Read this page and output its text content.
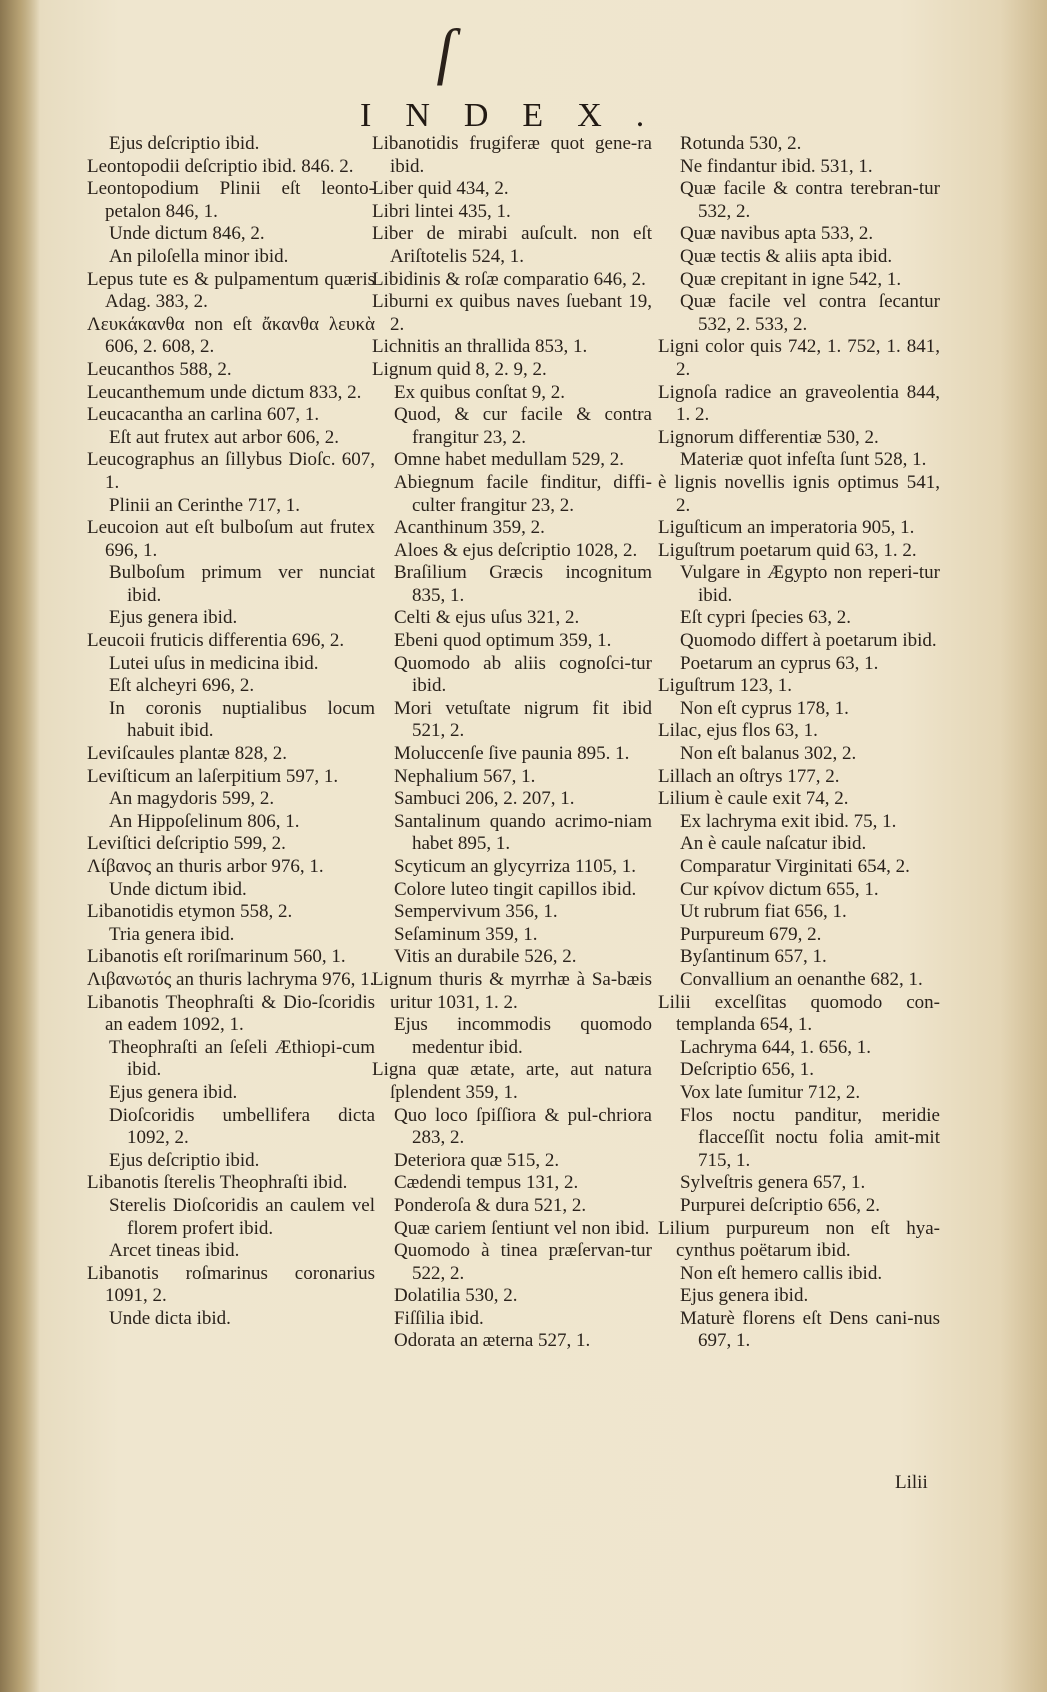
ſ
INDEX.
Ejus deſcriptio ibid.
Leontopodii deſcriptio ibid. 846. 2.
Leontopodium Plinii eſt leonto-petalon 846, 1.
Unde dictum 846, 2.
An piloſella minor ibid.
Lepus tute es & pulpamentum quæris Adag. 383, 2.
Λευκάκανθα non eſt ἄκανθα λευκὰ 606, 2. 608, 2.
Leucanthos 588, 2.
Leucanthemum unde dictum 833, 2.
Leucacantha an carlina 607, 1.
Eſt aut frutex aut arbor 606, 2.
Leucographus an ſillybus Dioſc. 607, 1.
Plinii an Cerinthe 717, 1.
Leucoion aut eſt bulboſum aut frutex 696, 1.
Bulboſum primum ver nunciat ibid.
Ejus genera ibid.
Leucoii fruticis differentia 696, 2.
Lutei uſus in medicina ibid.
Eſt alcheyri 696, 2.
In coronis nuptialibus locum habuit ibid.
Leviſcaules plantæ 828, 2.
Leviſticum an laſerpitium 597, 1.
An magydoris 599, 2.
An Hippoſelinum 806, 1.
Leviſtici deſcriptio 599, 2.
Λίβανος an thuris arbor 976, 1.
Unde dictum ibid.
Libanotidis etymon 558, 2.
Tria genera ibid.
Libanotis eſt roriſmarinum 560, 1.
Λιβανωτός an thuris lachryma 976, 1.
Libanotis Theophraſti & Dio-ſcoridis an eadem 1092, 1.
Theophraſti an ſeſeli Æthiopi-cum ibid.
Ejus genera ibid.
Dioſcoridis umbellifera dicta 1092, 2.
Ejus deſcriptio ibid.
Libanotis ſterelis Theophraſti ibid.
Sterelis Dioſcoridis an caulem vel florem profert ibid.
Arcet tineas ibid.
Libanotis roſmarinus coronarius 1091, 2.
Unde dicta ibid.
Libanotidis frugiferæ quot gene-ra ibid.
Liber quid 434, 2.
Libri lintei 435, 1.
Liber de mirabi auſcult. non eſt Ariſtotelis 524, 1.
Libidinis & roſæ comparatio 646, 2.
Liburni ex quibus naves ſuebant 19, 2.
Lichnitis an thrallida 853, 1.
Lignum quid 8, 2. 9, 2.
Ex quibus conſtat 9, 2.
Quod, & cur facile & contra frangitur 23, 2.
Omne habet medullam 529, 2.
Abiegnum facile finditur, diffi-culter frangitur 23, 2.
Acanthinum 359, 2.
Aloes & ejus deſcriptio 1028, 2.
Braſilium Græcis incognitum 835, 1.
Celti & ejus uſus 321, 2.
Ebeni quod optimum 359, 1.
Quomodo ab aliis cognoſci-tur ibid.
Mori vetuſtate nigrum fit ibid 521, 2.
Moluccenſe ſive paunia 895. 1.
Nephalium 567, 1.
Sambuci 206, 2. 207, 1.
Santalinum quando acrimo-niam habet 895, 1.
Scyticum an glycyrriza 1105, 1.
Colore luteo tingit capillos ibid.
Sempervivum 356, 1.
Seſaminum 359, 1.
Vitis an durabile 526, 2.
Lignum thuris & myrrhæ à Sa-bæis uritur 1031, 1. 2.
Ejus incommodis quomodo medentur ibid.
Ligna quæ ætate, arte, aut natura ſplendent 359, 1.
Quo loco ſpiſſiora & pul-chriora 283, 2.
Deteriora quæ 515, 2.
Cædendi tempus 131, 2.
Ponderoſa & dura 521, 2.
Quæ cariem ſentiunt vel non ibid.
Quomodo à tinea præſervan-tur 522, 2.
Dolatilia 530, 2.
Fiſſilia ibid.
Odorata an æterna 527, 1.
Rotunda 530, 2.
Ne findantur ibid. 531, 1.
Quæ facile & contra terebran-tur 532, 2.
Quæ navibus apta 533, 2.
Quæ tectis & aliis apta ibid.
Quæ crepitant in igne 542, 1.
Quæ facile vel contra ſecantur 532, 2. 533, 2.
Ligni color quis 742, 1. 752, 1. 841, 2.
Lignoſa radice an graveolentia 844, 1. 2.
Lignorum differentiæ 530, 2.
Materiæ quot infeſta ſunt 528, 1.
è lignis novellis ignis optimus 541, 2.
Liguſticum an imperatoria 905, 1.
Liguſtrum poetarum quid 63, 1. 2.
Vulgare in Ægypto non reperi-tur ibid.
Eſt cypri ſpecies 63, 2.
Quomodo differt à poetarum ibid.
Poetarum an cyprus 63, 1.
Liguſtrum 123, 1.
Non eſt cyprus 178, 1.
Lilac, ejus flos 63, 1.
Non eſt balanus 302, 2.
Lillach an oſtrys 177, 2.
Lilium è caule exit 74, 2.
Ex lachryma exit ibid. 75, 1.
An è caule naſcatur ibid.
Comparatur Virginitati 654, 2.
Cur κρίνον dictum 655, 1.
Ut rubrum fiat 656, 1.
Purpureum 679, 2.
Byſantinum 657, 1.
Convallium an oenanthe 682, 1.
Lilii excelſitas quomodo con-templanda 654, 1.
Lachryma 644, 1. 656, 1.
Deſcriptio 656, 1.
Vox late ſumitur 712, 2.
Flos noctu panditur, meridie flacceſſit noctu folia amit-mit 715, 1.
Sylveſtris genera 657, 1.
Purpurei deſcriptio 656, 2.
Lilium purpureum non eſt hya-cynthus poëtarum ibid.
Non eſt hemero callis ibid.
Ejus genera ibid.
Maturè florens eſt Dens cani-nus 697, 1.
Lilii
